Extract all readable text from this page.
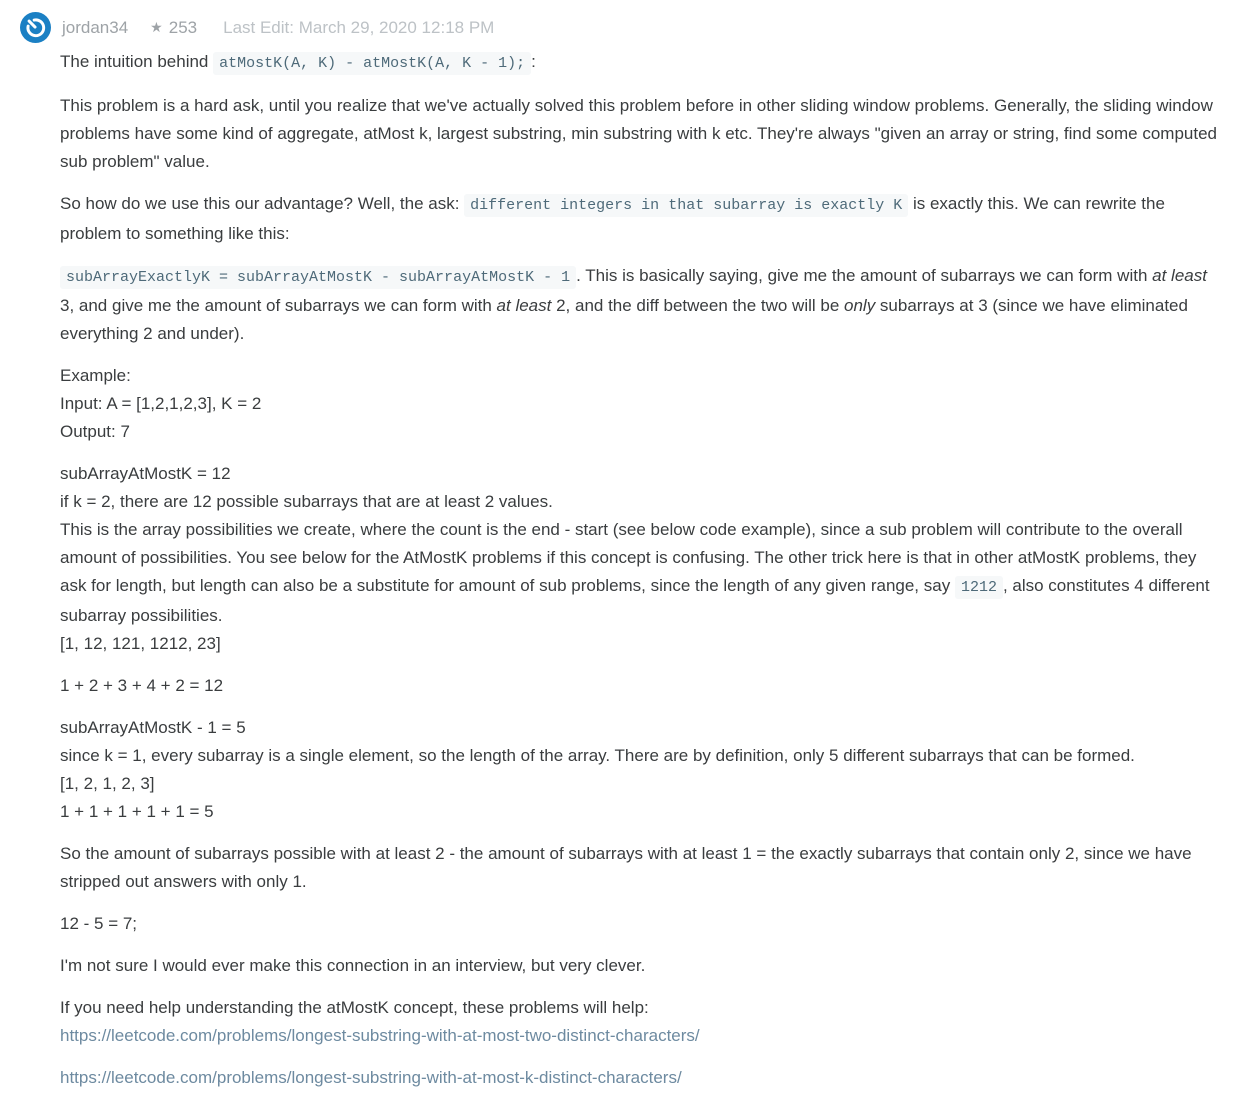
jordan34 ★ 253 Last Edit: March 29, 2020 12:18 PM

The intuition behind atMostK(A, K) - atMostK(A, K - 1); :

This problem is a hard ask, until you realize that we've actually solved this problem before in other sliding window problems. Generally, the sliding window problems have some kind of aggregate, atMost k, largest substring, min substring with k etc. They're always "given an array or string, find some computed sub problem" value.

So how do we use this our advantage? Well, the ask: different integers in that subarray is exactly K is exactly this. We can rewrite the problem to something like this:

subArrayExactlyK = subArrayAtMostK - subArrayAtMostK - 1 . This is basically saying, give me the amount of subarrays we can form with at least 3, and give me the amount of subarrays we can form with at least 2, and the diff between the two will be only subarrays at 3 (since we have eliminated everything 2 and under).

Example:
Input: A = [1,2,1,2,3], K = 2
Output: 7

subArrayAtMostK = 12
if k = 2, there are 12 possible subarrays that are at least 2 values.
This is the array possibilities we create, where the count is the end - start (see below code example), since a sub problem will contribute to the overall amount of possibilities. You see below for the AtMostK problems if this concept is confusing. The other trick here is that in other atMostK problems, they ask for length, but length can also be a substitute for amount of sub problems, since the length of any given range, say 1212 , also constitutes 4 different subarray possibilities.
[1, 12, 121, 1212, 23]

1 + 2 + 3 + 4 + 2 = 12

subArrayAtMostK - 1 = 5
since k = 1, every subarray is a single element, so the length of the array. There are by definition, only 5 different subarrays that can be formed.
[1, 2, 1, 2, 3]
1 + 1 + 1 + 1 + 1 = 5

So the amount of subarrays possible with at least 2 - the amount of subarrays with at least 1 = the exactly subarrays that contain only 2, since we have stripped out answers with only 1.

12 - 5 = 7;

I'm not sure I would ever make this connection in an interview, but very clever.

If you need help understanding the atMostK concept, these problems will help:
https://leetcode.com/problems/longest-substring-with-at-most-two-distinct-characters/

https://leetcode.com/problems/longest-substring-with-at-most-k-distinct-characters/
